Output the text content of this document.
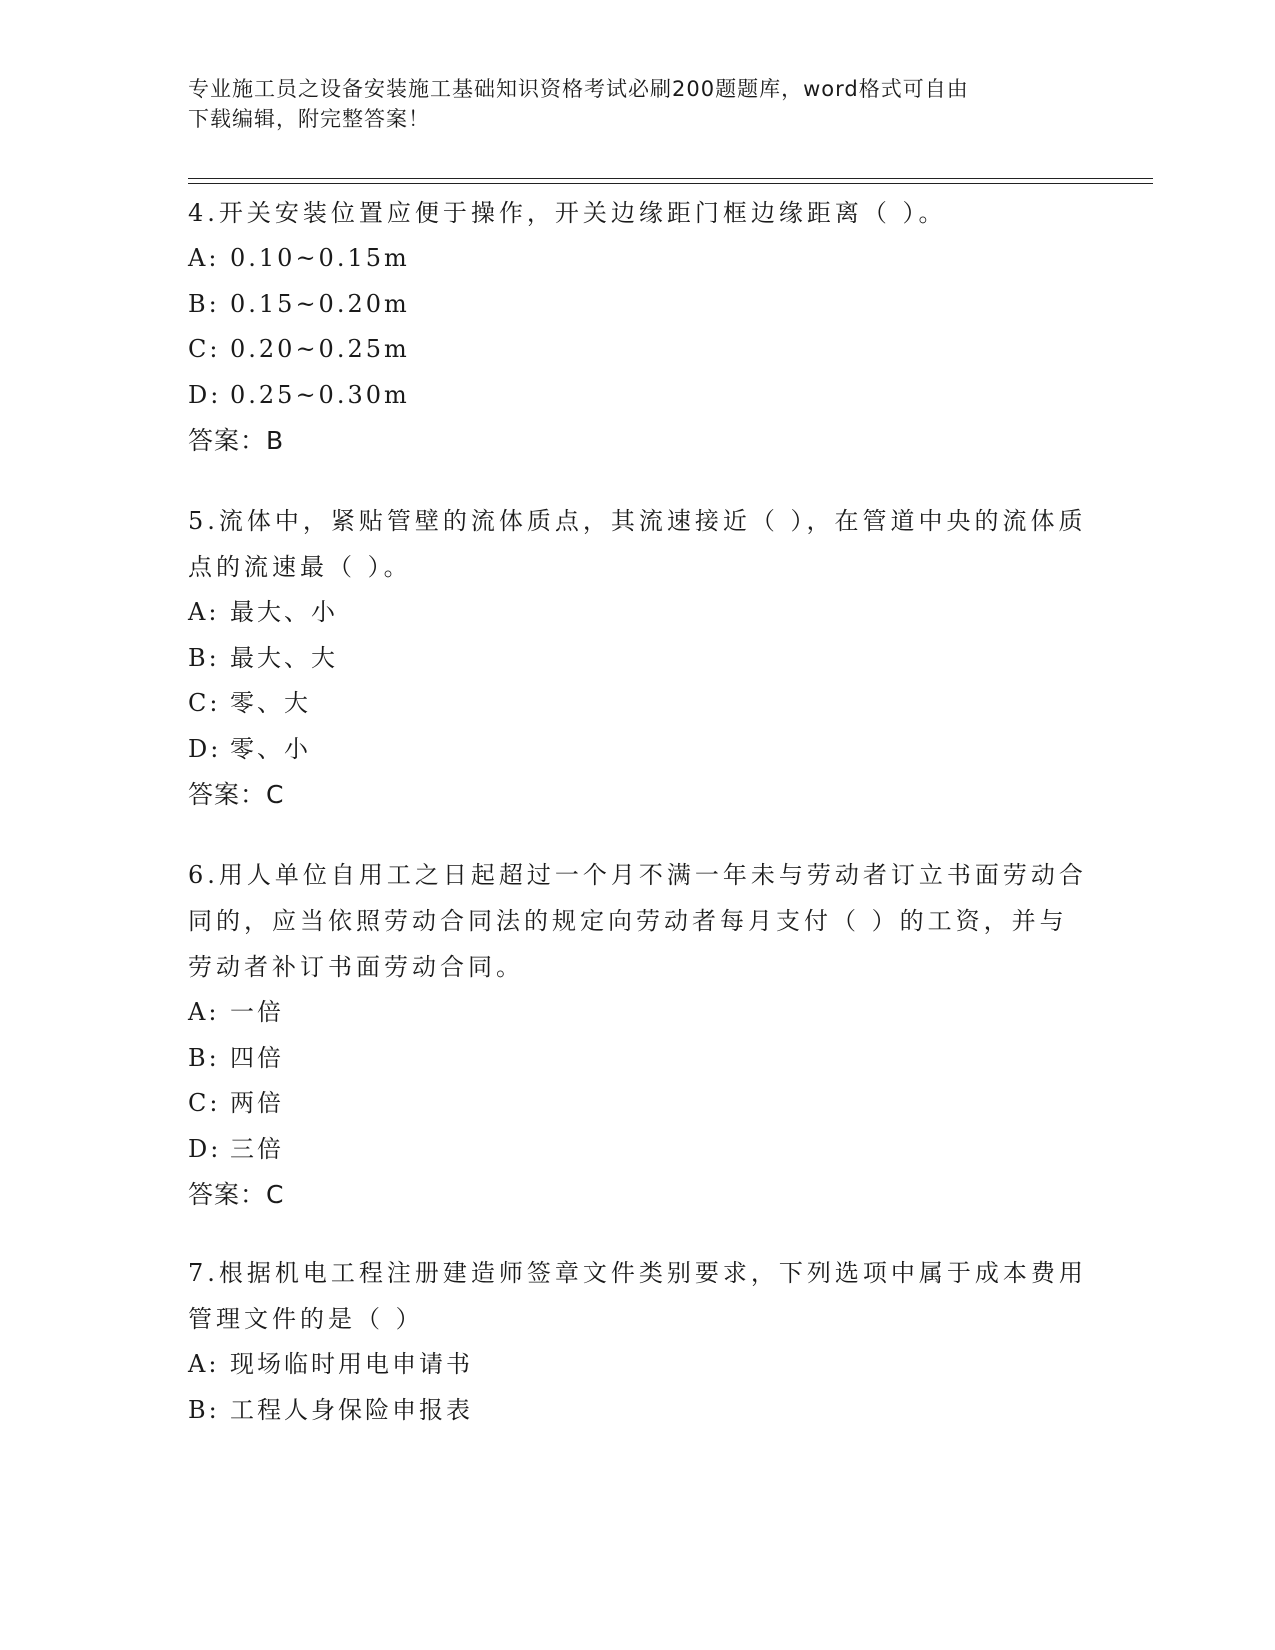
专业施工员之设备安装施工基础知识资格考试必刷200题题库，word格式可自由
下载编辑，附完整答案！
4.开关安装位置应便于操作，开关边缘距门框边缘距离（ ）。
A: 0.10~0.15m
B: 0.15~0.20m
C: 0.20~0.25m
D: 0.25~0.30m
答案：B
5.流体中，紧贴管壁的流体质点，其流速接近（ ），在管道中央的流体质点的流速最（ ）。
A: 最大、小
B: 最大、大
C: 零、大
D: 零、小
答案：C
6.用人单位自用工之日起超过一个月不满一年未与劳动者订立书面劳动合同的，应当依照劳动合同法的规定向劳动者每月支付（ ）的工资，并与劳动者补订书面劳动合同。
A: 一倍
B: 四倍
C: 两倍
D: 三倍
答案：C
7.根据机电工程注册建造师签章文件类别要求，下列选项中属于成本费用管理文件的是（ ）
A: 现场临时用电申请书
B: 工程人身保险申报表
